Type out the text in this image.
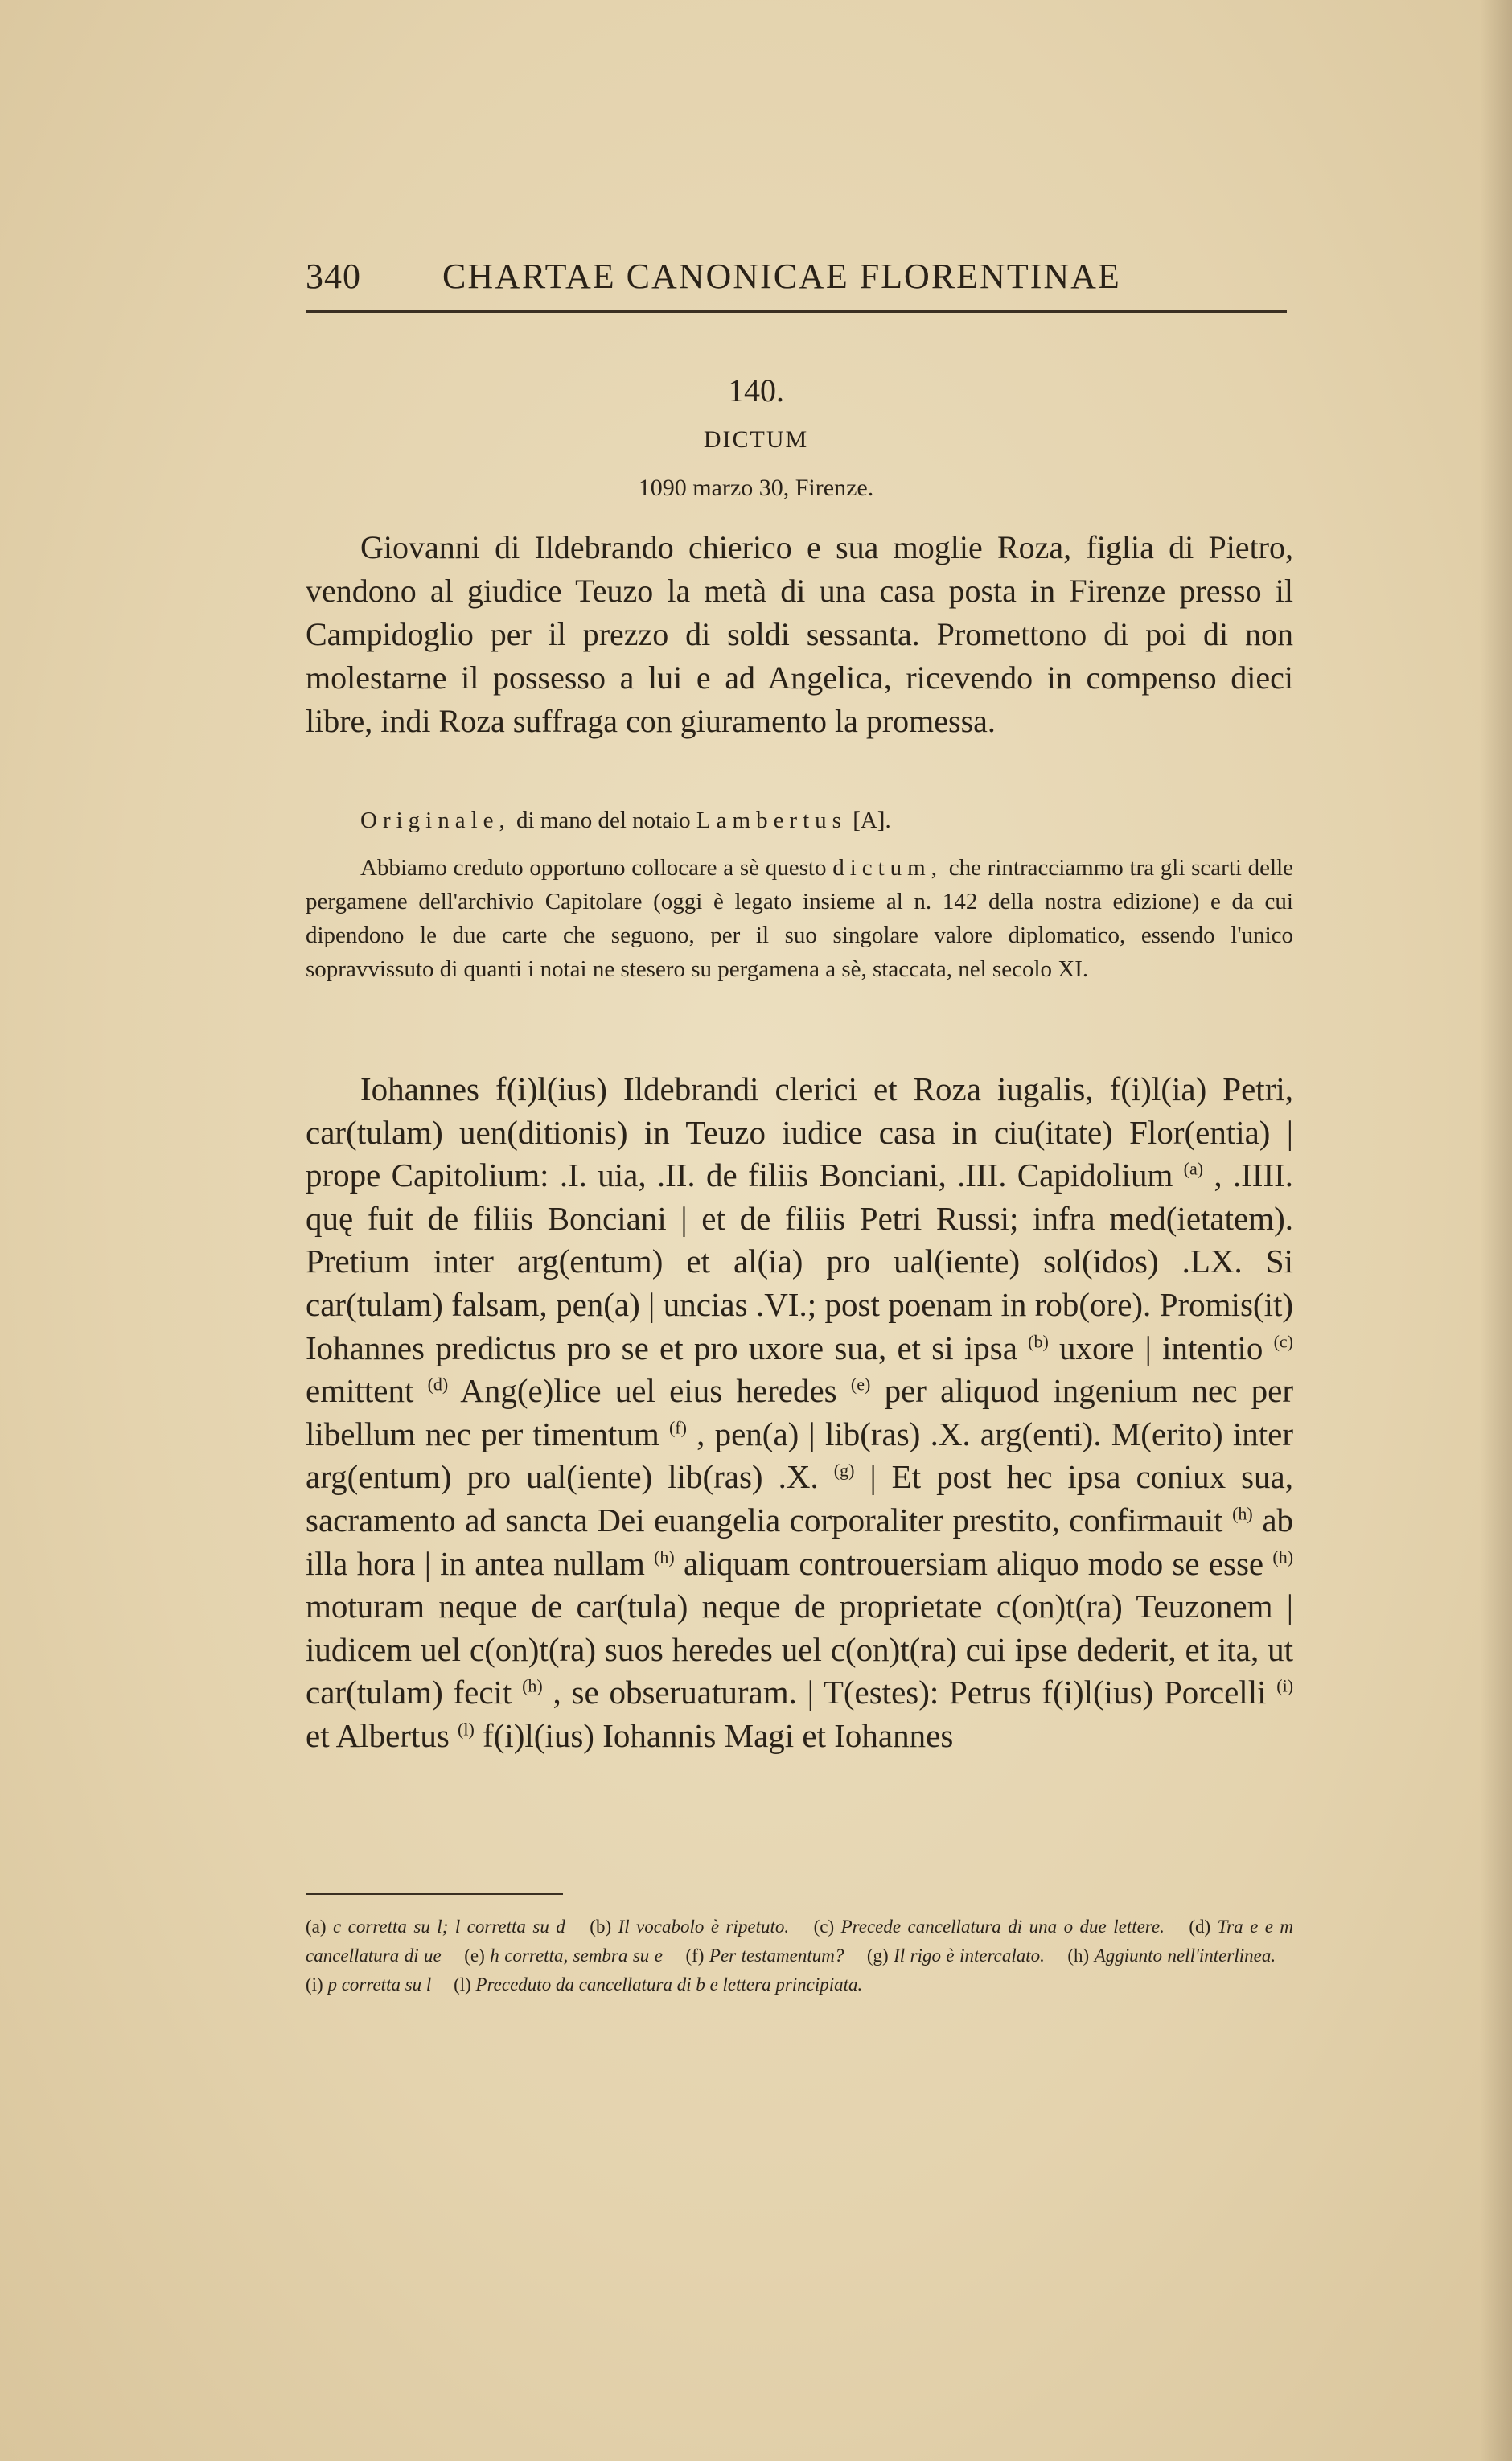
340 CHARTAE CANONICAE FLORENTINAE
140.
DICTUM
1090 marzo 30, Firenze.
Giovanni di Ildebrando chierico e sua moglie Roza, figlia di Pietro, vendono al giudice Teuzo la metà di una casa posta in Firenze presso il Campidoglio per il prezzo di soldi sessanta. Promettono di poi di non molestarne il possesso a lui e ad Angelica, ricevendo in compenso dieci libre, indi Roza suffraga con giuramento la promessa.
Originale, di mano del notaio Lambertus [A].
Abbiamo creduto opportuno collocare a sè questo dictum, che rintracciammo tra gli scarti delle pergamene dell'archivio Capitolare (oggi è legato insieme al n. 142 della nostra edizione) e da cui dipendono le due carte che seguono, per il suo singolare valore diplomatico, essendo l'unico sopravvissuto di quanti i notai ne stesero su pergamena a sè, staccata, nel secolo XI.
Iohannes f(i)l(ius) Ildebrandi clerici et Roza iugalis, f(i)l(ia) Petri, car(tulam) uen(ditionis) in Teuzo iudice casa in ciu(itate) Flor(entia) | prope Capitolium: .I. uia, .II. de filiis Bonciani, .III. Capidolium $^{(a)}$ , .IIII. quę fuit de filiis Bonciani | et de filiis Petri Russi; infra med(ietatem). Pretium inter arg(entum) et al(ia) pro ual(iente) sol(idos) .LX. Si car(tulam) falsam, pen(a) | uncias .VI.; post poenam in rob(ore). Promis(it) Iohannes predictus pro se et pro uxore sua, et si ipsa $^{(b)}$ uxore | intentio $^{(c)}$ emittent $^{(d)}$ Ang(e)lice uel eius heredes $^{(e)}$ per aliquod ingenium nec per libellum nec per timentum $^{(f)}$ , pen(a) | lib(ras) .X. arg(enti). M(erito) inter arg(entum) pro ual(iente) lib(ras) .X. $^{(g)}$ | Et post hec ipsa coniux sua, sacramento ad sancta Dei euangelia corporaliter prestito, confirmauit $^{(h)}$ ab illa hora | in antea nullam $^{(h)}$ aliquam controuersiam aliquo modo se esse $^{(h)}$ moturam neque de car(tula) neque de proprietate c(on)t(ra) Teuzonem | iudicem uel c(on)t(ra) suos heredes uel c(on)t(ra) cui ipse dederit, et ita, ut car(tulam) fecit $^{(h)}$ , se obseruaturam. | T(estes): Petrus f(i)l(ius) Porcelli $^{(i)}$ et Albertus $^{(l)}$ f(i)l(ius) Iohannis Magi et Iohannes
(a) c corretta su l; l corretta su d (b) Il vocabolo è ripetuto. (c) Precede cancellatura di una o due lettere. (d) Tra e e m cancellatura di ue (e) h corretta, sembra su e (f) Per testamentum? (g) Il rigo è intercalato. (h) Aggiunto nell'interlinea. (i) p corretta su l (l) Preceduto da cancellatura di b e lettera principiata.
